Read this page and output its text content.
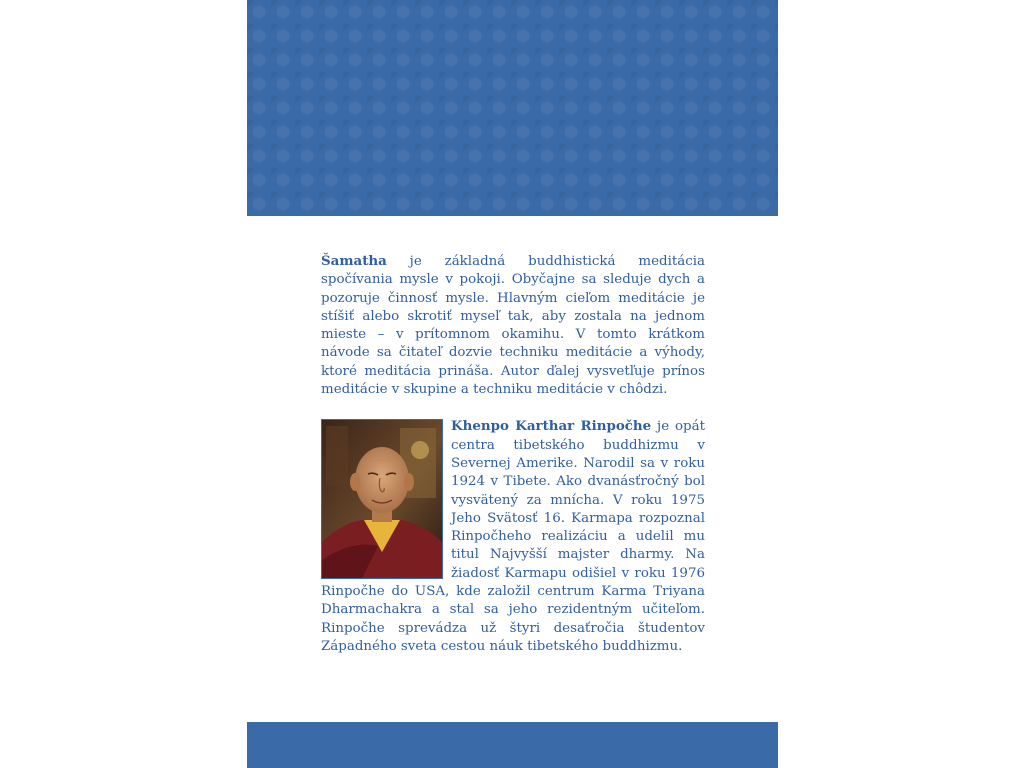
Šamatha je základná buddhistická meditácia spočívania mysle v pokoji. Obyčajne sa sleduje dych a pozoruje činnosť mysle. Hlavným cieľom meditácie je stíšiť alebo skrotiť myseľ tak, aby zostala na jednom mieste – v prítomnom okamihu. V tomto krátkom návode sa čitateľ dozvie techniku meditácie a výhody, ktoré meditácia prináša. Autor ďalej vysvetľuje prínos meditácie v skupine a techniku meditácie v chôdzi.

Khenpo Karthar Rinpočhe je opát centra tibetského buddhizmu v Severnej Amerike. Narodil sa v roku 1924 v Tibete. Ako dvanásťročný bol vysvätený za mnícha. V roku 1975 Jeho Svätosť 16. Karmapa rozpoznal Rinpočheho realizáciu a udelil mu titul Najvyšší majster dharmy. Na žiadosť Karmapu odišiel v roku 1976 Rinpočhe do USA, kde založil centrum Karma Triyana Dharmachakra a stal sa jeho rezidentným učiteľom. Rinpočhe sprevádza už štyri desaťročia študentov Západného sveta cestou náuk tibetského buddhizmu.
